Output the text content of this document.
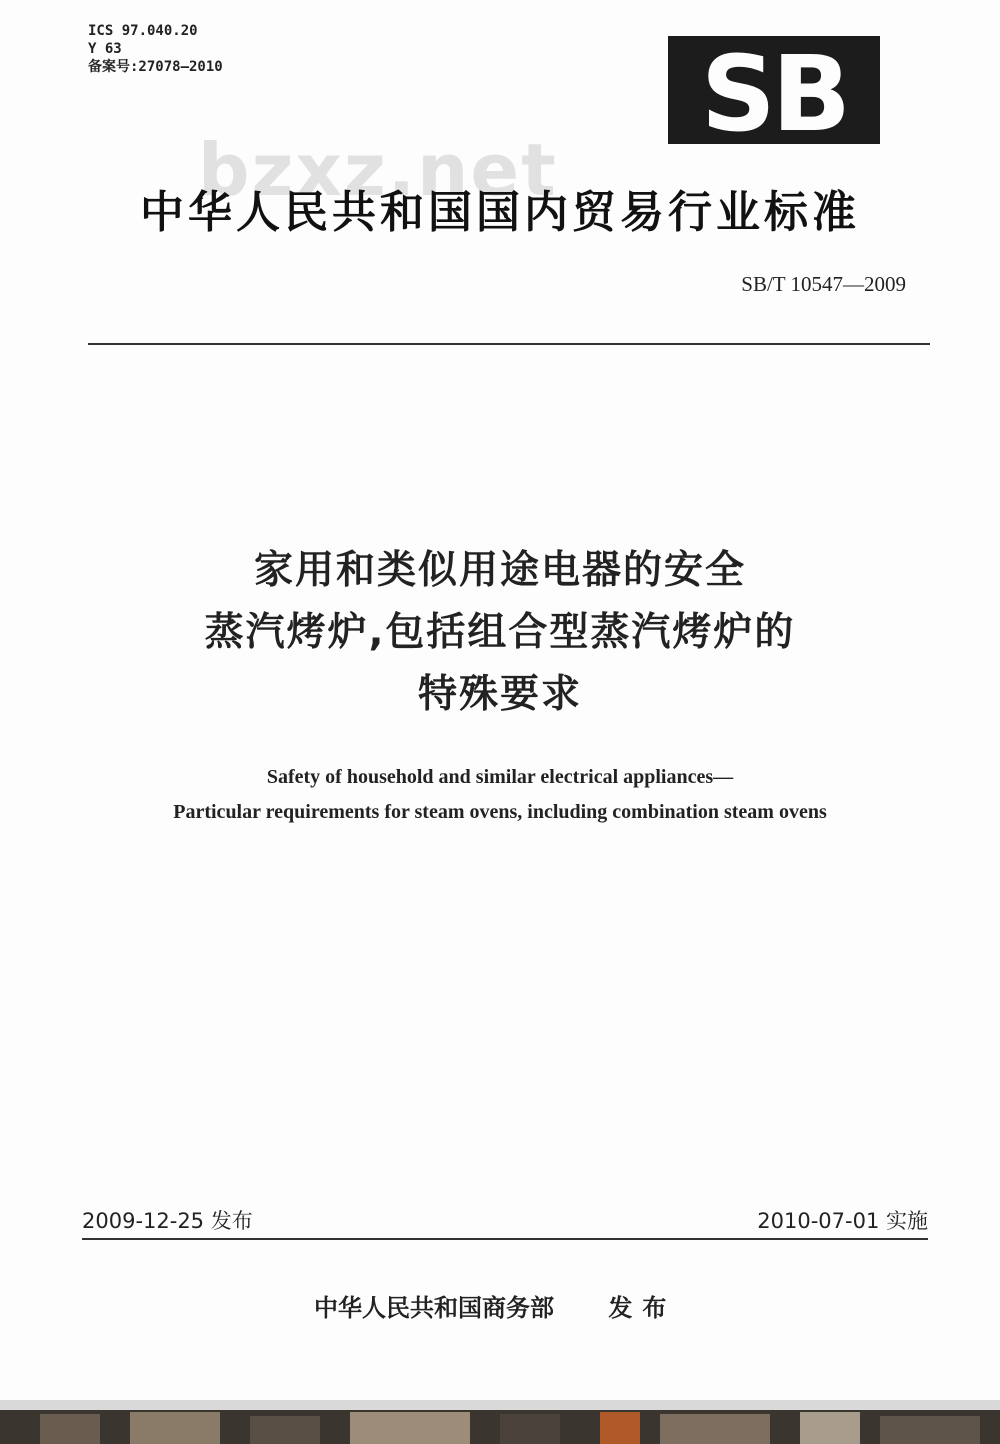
ICS 97.040.20
Y 63
备案号:27078—2010	SB
bzxz.net
中华人民共和国国内贸易行业标准
SB/T 10547—2009
家用和类似用途电器的安全
蒸汽烤炉,包括组合型蒸汽烤炉的
特殊要求
Safety of household and similar electrical appliances—
Particular requirements for steam ovens, including combination steam ovens
2009-12-25 发布	2010-07-01 实施
中华人民共和国商务部 发布
